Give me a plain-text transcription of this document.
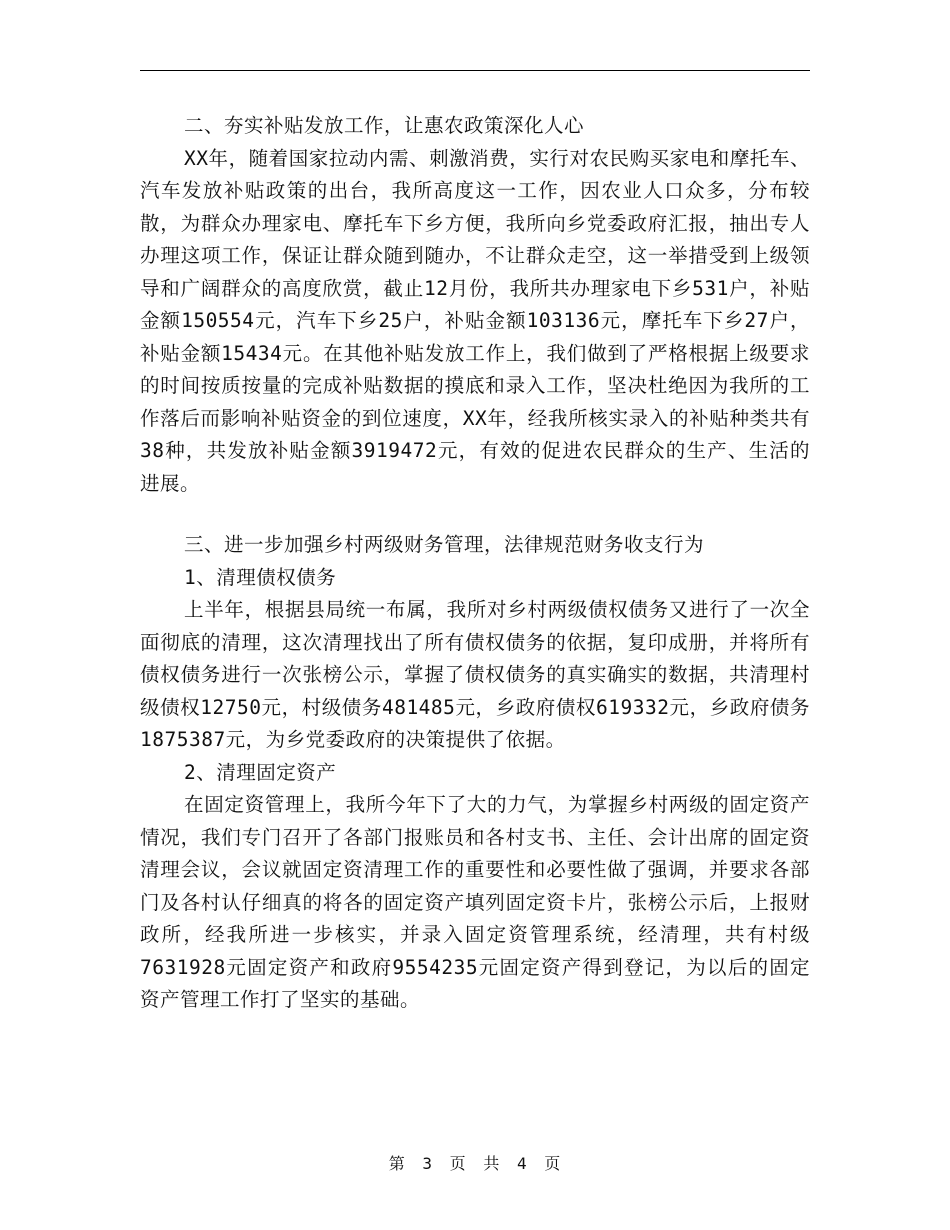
二、夯实补贴发放工作，让惠农政策深化人心

XX年，随着国家拉动内需、刺激消费，实行对农民购买家电和摩托车、汽车发放补贴政策的出台，我所高度这一工作，因农业人口众多，分布较散，为群众办理家电、摩托车下乡方便，我所向乡党委政府汇报，抽出专人办理这项工作，保证让群众随到随办，不让群众走空，这一举措受到上级领导和广阔群众的高度欣赏，截止12月份，我所共办理家电下乡531户，补贴金额150554元，汽车下乡25户，补贴金额103136元，摩托车下乡27户，补贴金额15434元。在其他补贴发放工作上，我们做到了严格根据上级要求的时间按质按量的完成补贴数据的摸底和录入工作，坚决杜绝因为我所的工作落后而影响补贴资金的到位速度，XX年，经我所核实录入的补贴种类共有38种，共发放补贴金额3919472元，有效的促进农民群众的生产、生活的进展。

三、进一步加强乡村两级财务管理，法律规范财务收支行为

1、清理债权债务

上半年，根据县局统一布属，我所对乡村两级债权债务又进行了一次全面彻底的清理，这次清理找出了所有债权债务的依据，复印成册，并将所有债权债务进行一次张榜公示，掌握了债权债务的真实确实的数据，共清理村级债权12750元，村级债务481485元，乡政府债权619332元，乡政府债务1875387元，为乡党委政府的决策提供了依据。

2、清理固定资产

在固定资管理上，我所今年下了大的力气，为掌握乡村两级的固定资产情况，我们专门召开了各部门报账员和各村支书、主任、会计出席的固定资清理会议，会议就固定资清理工作的重要性和必要性做了强调，并要求各部门及各村认仔细真的将各的固定资产填列固定资卡片，张榜公示后，上报财政所，经我所进一步核实，并录入固定资管理系统，经清理，共有村级7631928元固定资产和政府9554235元固定资产得到登记，为以后的固定资产管理工作打了坚实的基础。

第 3 页 共 4 页
